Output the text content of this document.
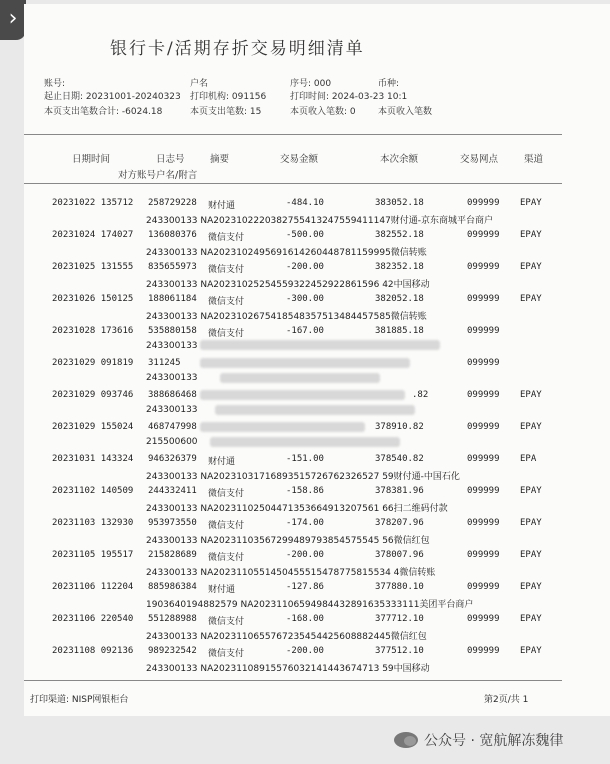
›
银行卡/活期存折交易明细清单
账号:	户名	序号: 000	币种:
起止日期: 20231001-20240323 打印机构: 091156	打印时间: 2024-03-23 10:1
本页支出笔数合计: -6024.18	本页支出笔数: 15	本页收入笔数: 0 本页收入笔数
日期时间	日志号	摘要	交易金额	本次余额	交易网点	渠道
对方账号户名/附言
20231022 135712 258729228 财付通	-484.10	383052.18	099999 EPAY
243300133 NA2023102220382755413247559411147财付通-京东商城平台商户
20231024 174027 136080376 微信支付	-500.00	382552.18	099999 EPAY
243300133 NA2023102495691614260448781159995微信转账
20231025 131555 835655973 微信支付	-200.00	382352.18	099999 EPAY
243300133 NA20231025254559322452922861596 42中国移动
20231026 150125 188061184 微信支付	-300.00	382052.18	099999 EPAY
243300133 NA2023102675418548357513484457585微信转账
20231028 173616 535880158 微信支付	-167.00	381885.18	099999
243300133
20231029 091819 311245	099999
243300133
20231029 093746 388686468	.82	099999 EPAY
243300133
20231029 155024 468747998	378910.82	099999 EPAY
215500600
20231031 143324 946326379 财付通	-151.00	378540.82	099999 EPA
243300133 NA20231031716893515726762326527 59财付通-中国石化
20231102 140509 244332411 微信支付	-158.86	378381.96	099999 EPAY
243300133 NA20231102504471353664913207561 66扫二维码付款
20231103 132930 953973550 微信支付	-174.00	378207.96	099999 EPAY
243300133 NA20231103567299489793854575545 56微信红包
20231105 195517 215828689 微信支付	-200.00	378007.96	099999 EPAY
243300133 NA2023110551450455515478775815534 4微信转账
20231106 112204 885986384 财付通	-127.86	377880.10	099999 EPAY
1903640194882579 NA20231106594984432891635333111美团平台商户
20231106 220540 551288988 微信支付	-168.00	377712.10	099999 EPAY
243300133 NA2023110655767235454425608882445微信红包
20231108 092136 989232542 微信支付	-200.00	377512.10	099999 EPAY
243300133 NA20231108915576032141443674713 59中国移动
打印渠道: NISP网银柜台	第2页/共 1
公众号 · 宽航解冻魏律
